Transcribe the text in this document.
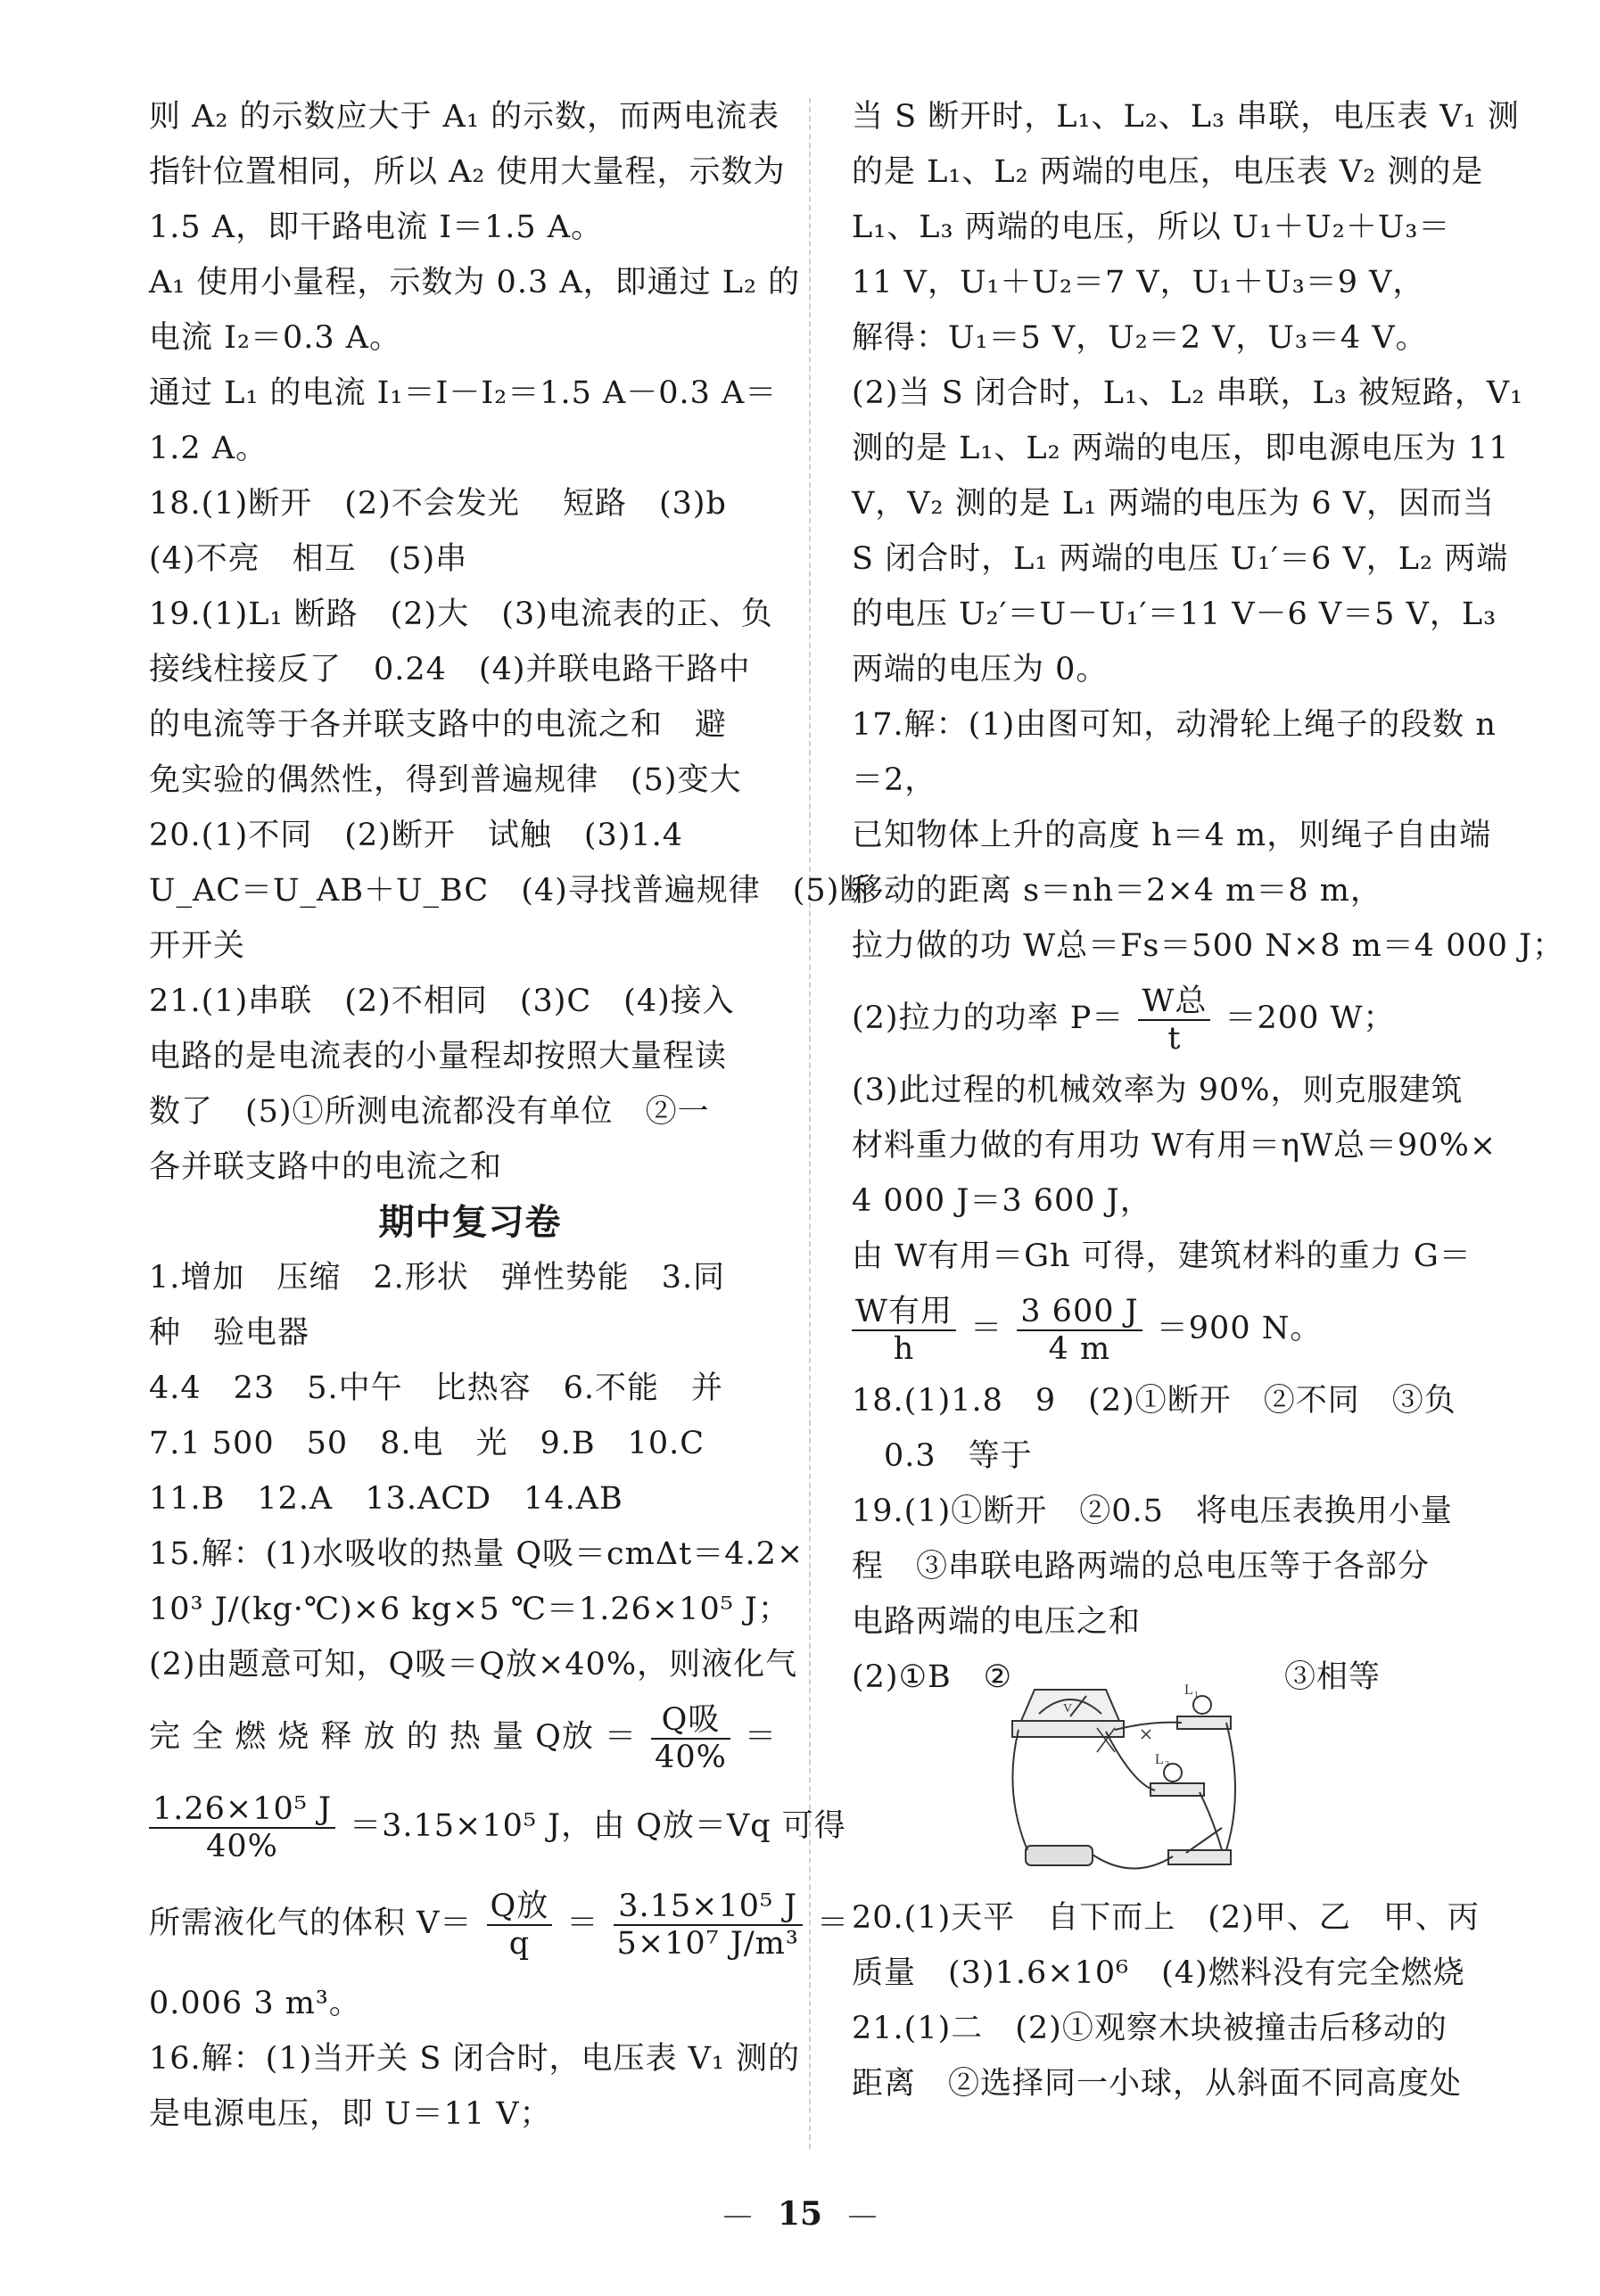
则 A₂ 的示数应大于 A₁ 的示数，而两电流表
指针位置相同，所以 A₂ 使用大量程，示数为
1.5 A，即干路电流 I＝1.5 A。
A₁ 使用小量程，示数为 0.3 A，即通过 L₂ 的
电流 I₂＝0.3 A。
通过 L₁ 的电流 I₁＝I－I₂＝1.5 A－0.3 A＝
1.2 A。
18.(1)断开　(2)不会发光　 短路　(3)b
(4)不亮　相互　(5)串
19.(1)L₁ 断路　(2)大　(3)电流表的正、负
接线柱接反了　0.24　(4)并联电路干路中
的电流等于各并联支路中的电流之和　避
免实验的偶然性，得到普遍规律　(5)变大
20.(1)不同　(2)断开　试触　(3)1.4
U_AC＝U_AB＋U_BC　(4)寻找普遍规律　(5)断
开开关
21.(1)串联　(2)不相同　(3)C　(4)接入
电路的是电流表的小量程却按照大量程读
数了　(5)①所测电流都没有单位　②一
各并联支路中的电流之和
期中复习卷
1.增加　压缩　2.形状　弹性势能　3.同
种　验电器
4.4　23　5.中午　比热容　6.不能　并
7.1 500　50　8.电　光　9.B　10.C
11.B　12.A　13.ACD　14.AB
15.解：(1)水吸收的热量 Q吸＝cmΔt＝4.2×
10³ J/(kg·℃)×6 kg×5 ℃＝1.26×10⁵ J；
(2)由题意可知，Q吸＝Q放×40%，则液化气
完 全 燃 烧 释 放 的 热 量 Q放 ＝ $\frac{\text{Q吸}}{40\%}$ ＝
$\frac{\text{1.26×10⁵ J}}{40\%} =3.15\times 10^5$ J，由 Q放＝Vq 可得
所需液化气的体积 $V= \frac{\text{Q放}}{q} = \frac{\text{3.15×10⁵ J}}{\text{5×10⁷ J/m³}}$ ＝
0.006 3 m³。
16.解：(1)当开关 S 闭合时，电压表 V₁ 测的
是电源电压，即 U＝11 V；
当 S 断开时，L₁、L₂、L₃ 串联，电压表 V₁ 测
的是 L₁、L₂ 两端的电压，电压表 V₂ 测的是
L₁、L₃ 两端的电压，所以 U₁＋U₂＋U₃＝
11 V，U₁＋U₂＝7 V，U₁＋U₃＝9 V，
解得：U₁＝5 V，U₂＝2 V，U₃＝4 V。
(2)当 S 闭合时，L₁、L₂ 串联，L₃ 被短路，V₁
测的是 L₁、L₂ 两端的电压，即电源电压为 11
V，V₂ 测的是 L₁ 两端的电压为 6 V，因而当
S 闭合时，L₁ 两端的电压 U₁′＝6 V，L₂ 两端
的电压 U₂′＝U－U₁′＝11 V－6 V＝5 V，L₃
两端的电压为 0。
17.解：(1)由图可知，动滑轮上绳子的段数 n
＝2，
已知物体上升的高度 h＝4 m，则绳子自由端
移动的距离 s＝nh＝2×4 m＝8 m，
拉力做的功 W总＝Fs＝500 N×8 m＝4 000 J；
(2)拉力的功率 $P= \frac{\text{W总}}{t} =200$ W；
(3)此过程的机械效率为 90%，则克服建筑
材料重力做的有用功 W有用＝ηW总＝90%×
4 000 J＝3 600 J，
由 W有用＝Gh 可得，建筑材料的重力 G＝
$\frac{\text{W有用}}{h} = \frac{3 600 J}{4 m} =900$ N。
18.(1)1.8　9　(2)①断开　②不同　③负
0.3　等于
19.(1)①断开　②0.5　将电压表换用小量
程　③串联电路两端的总电压等于各部分
电路两端的电压之和
(2)①B　②	③相等
V
L₁
L₂
20.(1)天平　自下而上　(2)甲、乙　甲、丙
质量　(3)1.6×10⁶　(4)燃料没有完全燃烧
21.(1)二　(2)①观察木块被撞击后移动的
距离　②选择同一小球，从斜面不同高度处
15
